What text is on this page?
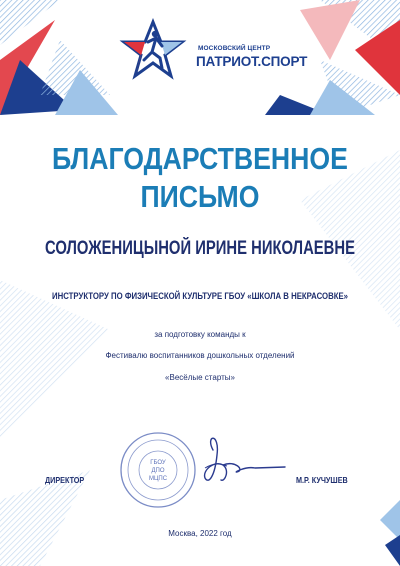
МОСКОВСКИЙ ЦЕНТР
ПАТРИОТ.СПОРТ
БЛАГОДАРСТВЕННОЕ
ПИСЬМО
СОЛОЖЕНИЦЫНОЙ ИРИНЕ НИКОЛАЕВНЕ
ИНСТРУКТОРУ ПО ФИЗИЧЕСКОЙ КУЛЬТУРЕ ГБОУ «ШКОЛА В НЕКРАСОВКЕ»
за подготовку команды к
Фестивалю воспитанников дошкольных отделений
«Весёлые старты»
ГБОУ
ДПО
МЦПС
ДИРЕКТОР	М.Р. КУЧУШЕВ
Москва, 2022 год
